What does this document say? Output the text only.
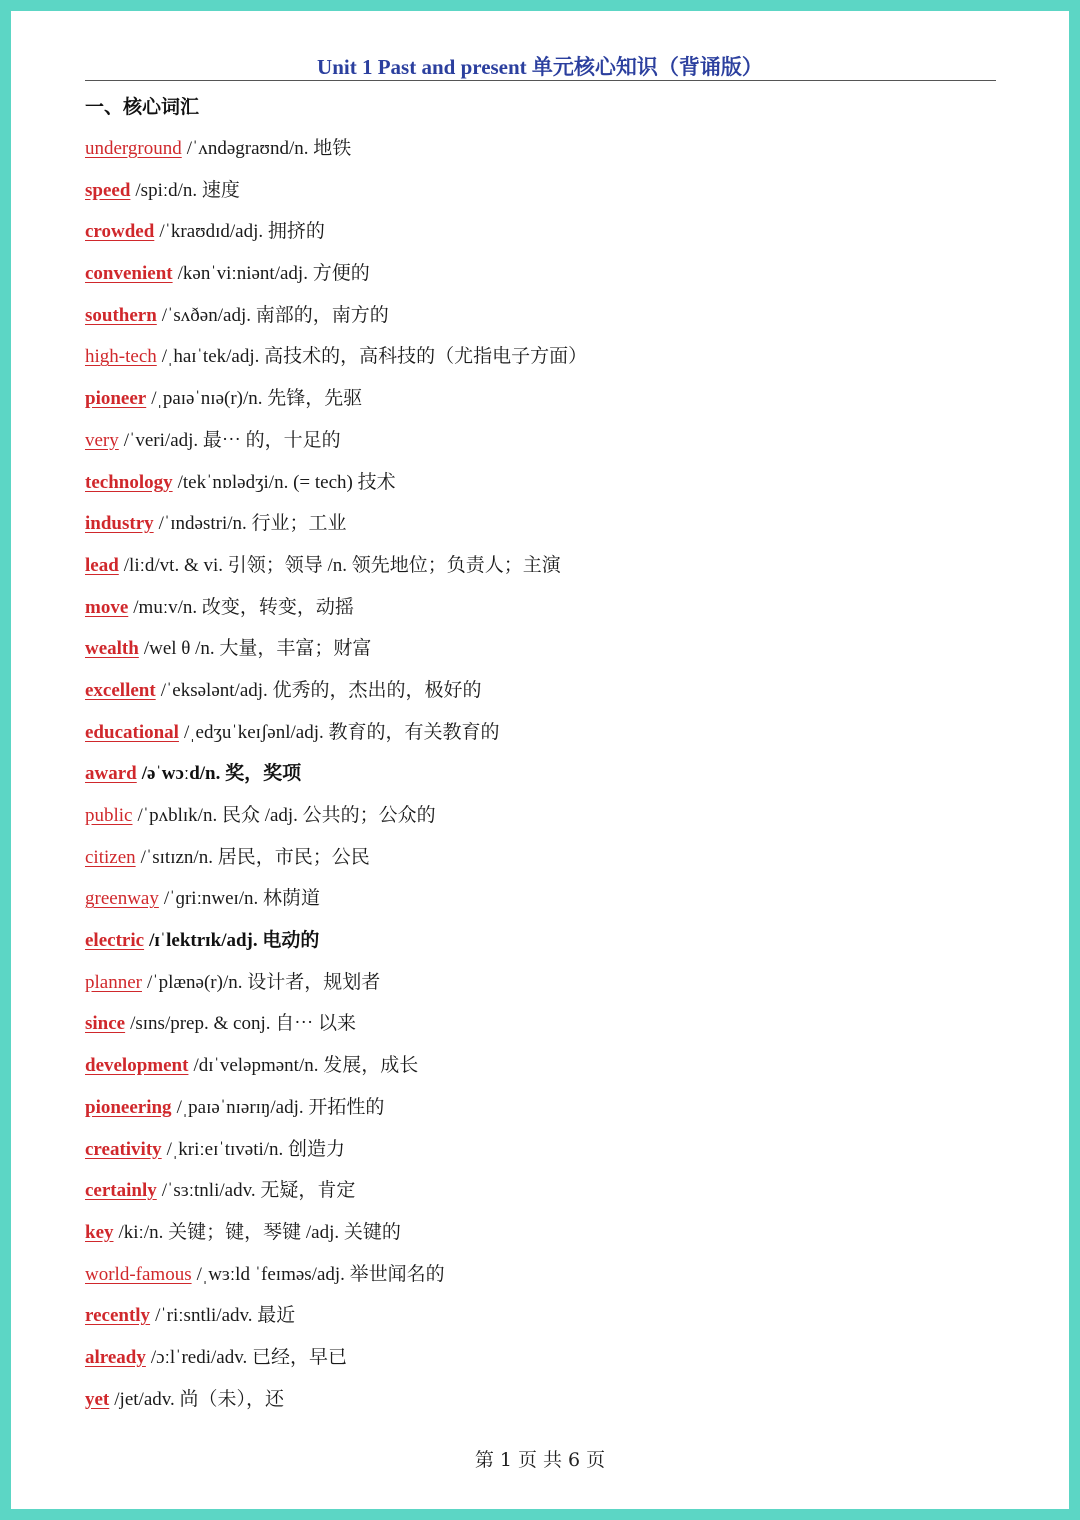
Unit 1 Past and present 单元核心知识（背诵版）
一、核心词汇
underground /ˈʌndəgraʊnd/n. 地铁
speed /spiːd/n. 速度
crowded /ˈkraʊdɪd/adj. 拥挤的
convenient /kənˈviːniənt/adj. 方便的
southern /ˈsʌðən/adj. 南部的，南方的
high-tech /ˌhaɪˈtek/adj. 高技术的，高科技的（尤指电子方面）
pioneer /ˌpaɪəˈnɪə(r)/n. 先锋，先驱
very /ˈveri/adj. 最⋯ 的，十足的
technology /tekˈnɒlədʒi/n. (= tech) 技术
industry /ˈɪndəstri/n. 行业；工业
lead /liːd/vt. & vi. 引领；领导 /n. 领先地位；负责人；主演
move /muːv/n. 改变，转变，动摇
wealth /wel θ /n. 大量，丰富；财富
excellent /ˈeksələnt/adj. 优秀的，杰出的，极好的
educational /ˌedʒuˈkeɪʃənl/adj. 教育的，有关教育的
award /əˈwɔːd/n. 奖，奖项
public /ˈpʌblɪk/n. 民众 /adj. 公共的；公众的
citizen /ˈsɪtɪzn/n. 居民，市民；公民
greenway /ˈɡriːnweɪ/n. 林荫道
electric /ɪˈlektrɪk/adj. 电动的
planner /ˈplænə(r)/n. 设计者，规划者
since /sɪns/prep. & conj. 自⋯ 以来
development /dɪˈveləpmənt/n. 发展，成长
pioneering /ˌpaɪəˈnɪərɪŋ/adj. 开拓性的
creativity /ˌkriːeɪˈtɪvəti/n. 创造力
certainly /ˈsɜːtnli/adv. 无疑，肯定
key /kiː/n. 关键；键，琴键 /adj. 关键的
world-famous /ˌwɜːld ˈfeɪməs/adj. 举世闻名的
recently /ˈriːsntli/adv. 最近
already /ɔːlˈredi/adv. 已经，早已
yet /jet/adv. 尚（未），还
第 1 页 共 6 页
